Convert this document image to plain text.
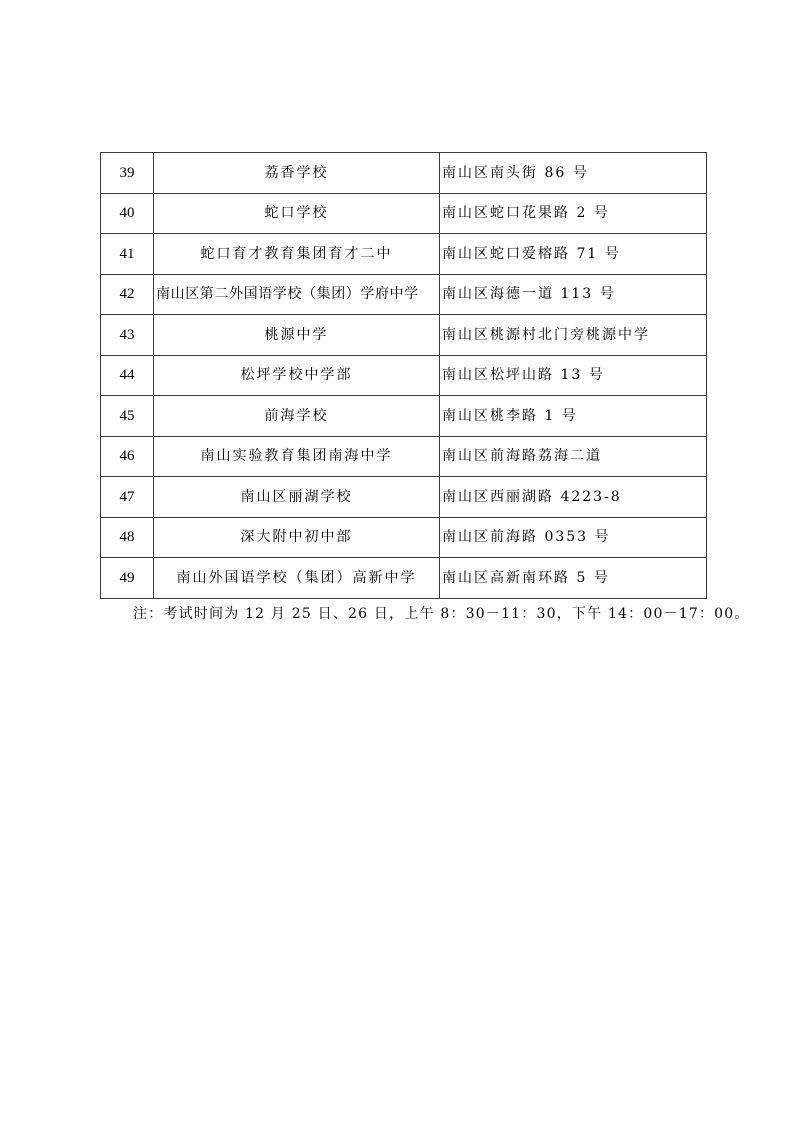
39	荔香学校	南山区南头街 86 号
40	蛇口学校	南山区蛇口花果路 2 号
41	蛇口育才教育集团育才二中	南山区蛇口爱榕路 71 号
42	南山区第二外国语学校（集团）学府中学	南山区海德一道 113 号
43	桃源中学	南山区桃源村北门旁桃源中学
44	松坪学校中学部	南山区松坪山路 13 号
45	前海学校	南山区桃李路 1 号
46	南山实验教育集团南海中学	南山区前海路荔海二道
47	南山区丽湖学校	南山区西丽湖路 4223-8
48	深大附中初中部	南山区前海路 0353 号
49	南山外国语学校（集团）高新中学	南山区高新南环路 5 号
注：考试时间为 12 月 25 日、26 日，上午 8：30－11：30，下午 14：00－17：00。
